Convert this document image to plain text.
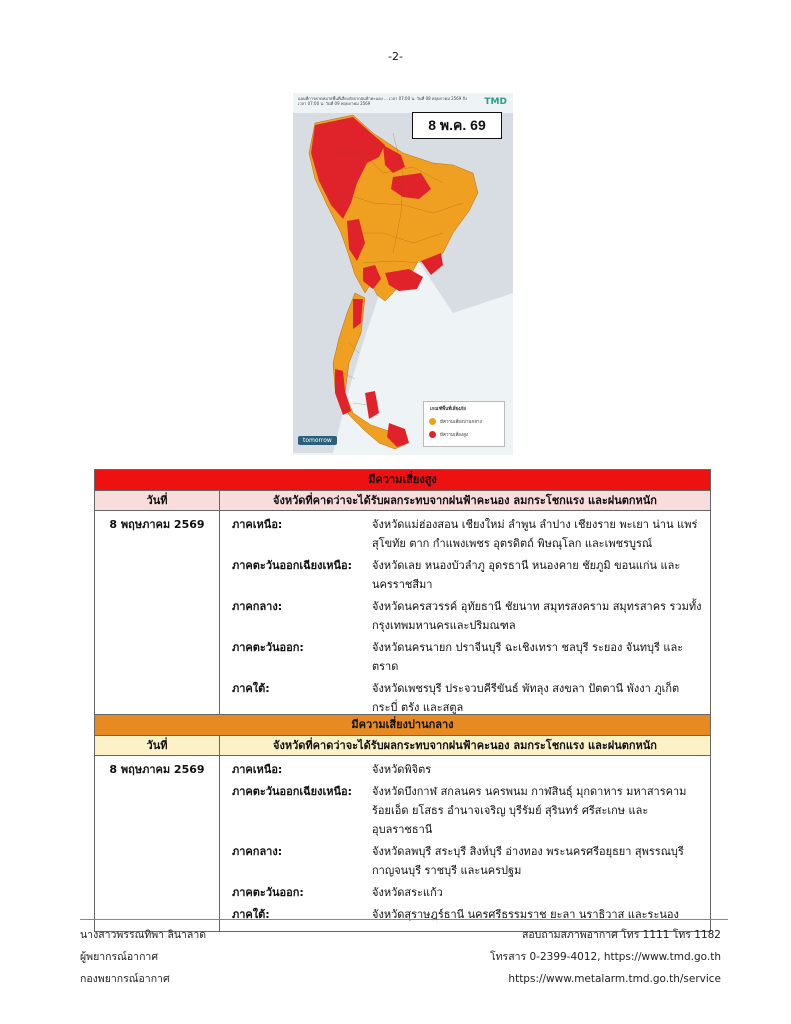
-2-
แผนที่การคาดหมายพื้นที่เสี่ยงภัยจากฝนฟ้าคะนอง ... เวลา 07:00 น. วันที่ 08 พฤษภาคม 2569 ถึง เวลา 07:00 น. วันที่ 09 พฤษภาคม 2569	TMD
8 พ.ค. 69
เกณฑ์พื้นที่เสี่ยงภัย
มีความเสี่ยงปานกลาง
มีความเสี่ยงสูง
tomorrow
มีความเสี่ยงสูง
วันที่	จังหวัดที่คาดว่าจะได้รับผลกระทบจากฝนฟ้าคะนอง ลมกระโชกแรง และฝนตกหนัก
8 พฤษภาคม 2569	ภาคเหนือ:	จังหวัดแม่ฮ่องสอน เชียงใหม่ ลำพูน ลำปาง เชียงราย พะเยา น่าน แพร่ สุโขทัย ตาก กำแพงเพชร อุตรดิตถ์ พิษณุโลก และเพชรบูรณ์
ภาคตะวันออกเฉียงเหนือ:	จังหวัดเลย หนองบัวลำภู อุดรธานี หนองคาย ชัยภูมิ ขอนแก่น และนครราชสีมา
ภาคกลาง:	จังหวัดนครสวรรค์ อุทัยธานี ชัยนาท สมุทรสงคราม สมุทรสาคร รวมทั้งกรุงเทพมหานครและปริมณฑล
ภาคตะวันออก:	จังหวัดนครนายก ปราจีนบุรี ฉะเชิงเทรา ชลบุรี ระยอง จันทบุรี และตราด
ภาคใต้:	จังหวัดเพชรบุรี ประจวบคีรีขันธ์ พัทลุง สงขลา ปัตตานี พังงา ภูเก็ต กระบี่ ตรัง และสตูล
มีความเสี่ยงปานกลาง
วันที่	จังหวัดที่คาดว่าจะได้รับผลกระทบจากฝนฟ้าคะนอง ลมกระโชกแรง และฝนตกหนัก
8 พฤษภาคม 2569	ภาคเหนือ:	จังหวัดพิจิตร
ภาคตะวันออกเฉียงเหนือ:	จังหวัดบึงกาฬ สกลนคร นครพนม กาฬสินธุ์ มุกดาหาร มหาสารคาม ร้อยเอ็ด ยโสธร อำนาจเจริญ บุรีรัมย์ สุรินทร์ ศรีสะเกษ และอุบลราชธานี
ภาคกลาง:	จังหวัดลพบุรี สระบุรี สิงห์บุรี อ่างทอง พระนครศรีอยุธยา สุพรรณบุรี กาญจนบุรี ราชบุรี และนครปฐม
ภาคตะวันออก:	จังหวัดสระแก้ว
ภาคใต้:	จังหวัดสุราษฎร์ธานี นครศรีธรรมราช ยะลา นราธิวาส และระนอง
นางสาวพรรณทิพา ลินาลาด
ผู้พยากรณ์อากาศ
กองพยากรณ์อากาศ
สอบถามสภาพอากาศ โทร 1111 โทร 1182
โทรสาร 0-2399-4012, https://www.tmd.go.th
https://www.metalarm.tmd.go.th/service
